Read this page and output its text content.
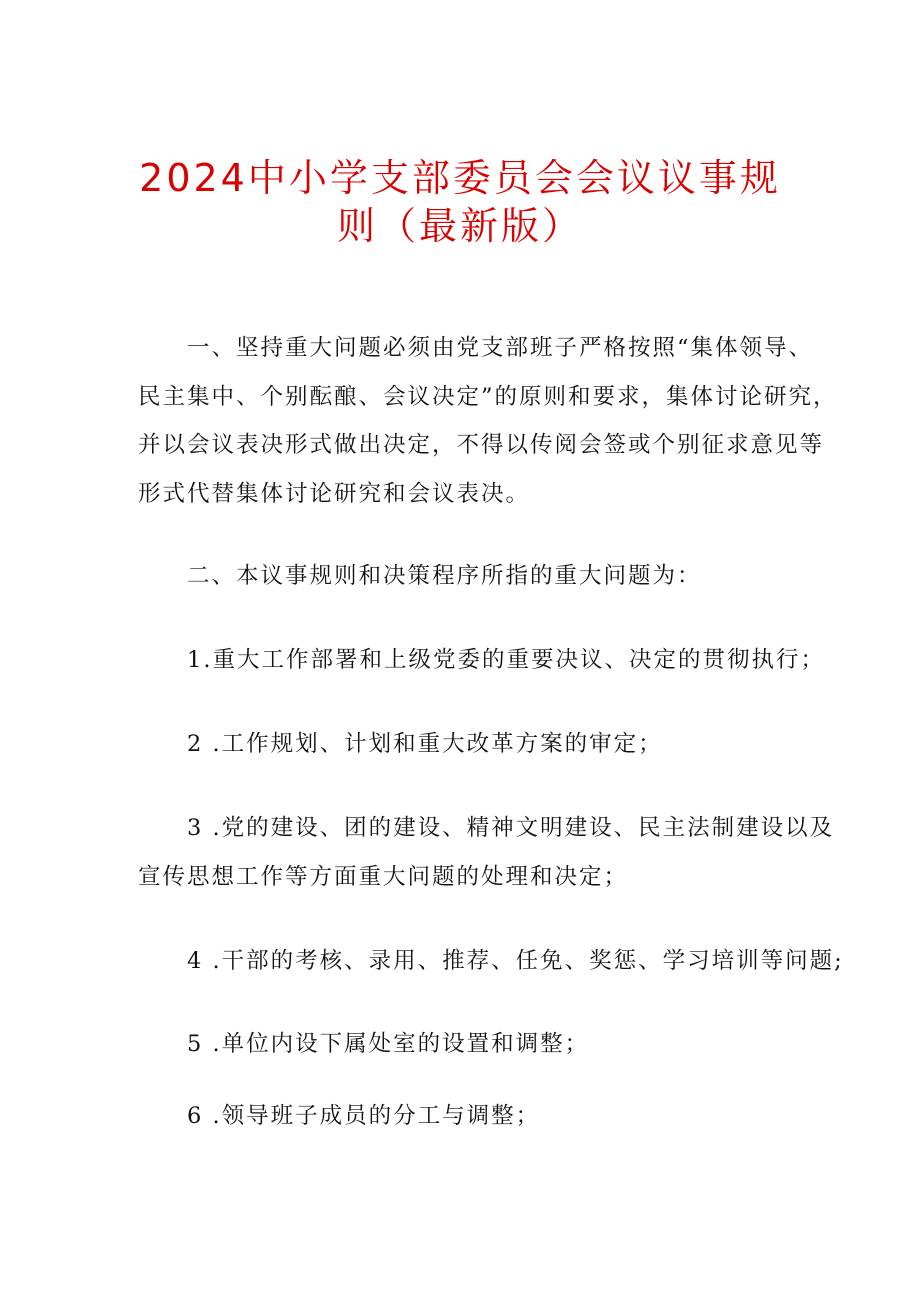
2024中小学支部委员会会议议事规
则（最新版）
一、坚持重大问题必须由党支部班子严格按照“集体领导、
民主集中、个别酝酿、会议决定”的原则和要求，集体讨论研究，
并以会议表决形式做出决定，不得以传阅会签或个别征求意见等
形式代替集体讨论研究和会议表决。
二、本议事规则和决策程序所指的重大问题为：
1.重大工作部署和上级党委的重要决议、决定的贯彻执行；
2 .工作规划、计划和重大改革方案的审定；
3 .党的建设、团的建设、精神文明建设、民主法制建设以及
宣传思想工作等方面重大问题的处理和决定；
4 .干部的考核、录用、推荐、任免、奖惩、学习培训等问题;
5 .单位内设下属处室的设置和调整；
6 .领导班子成员的分工与调整；
